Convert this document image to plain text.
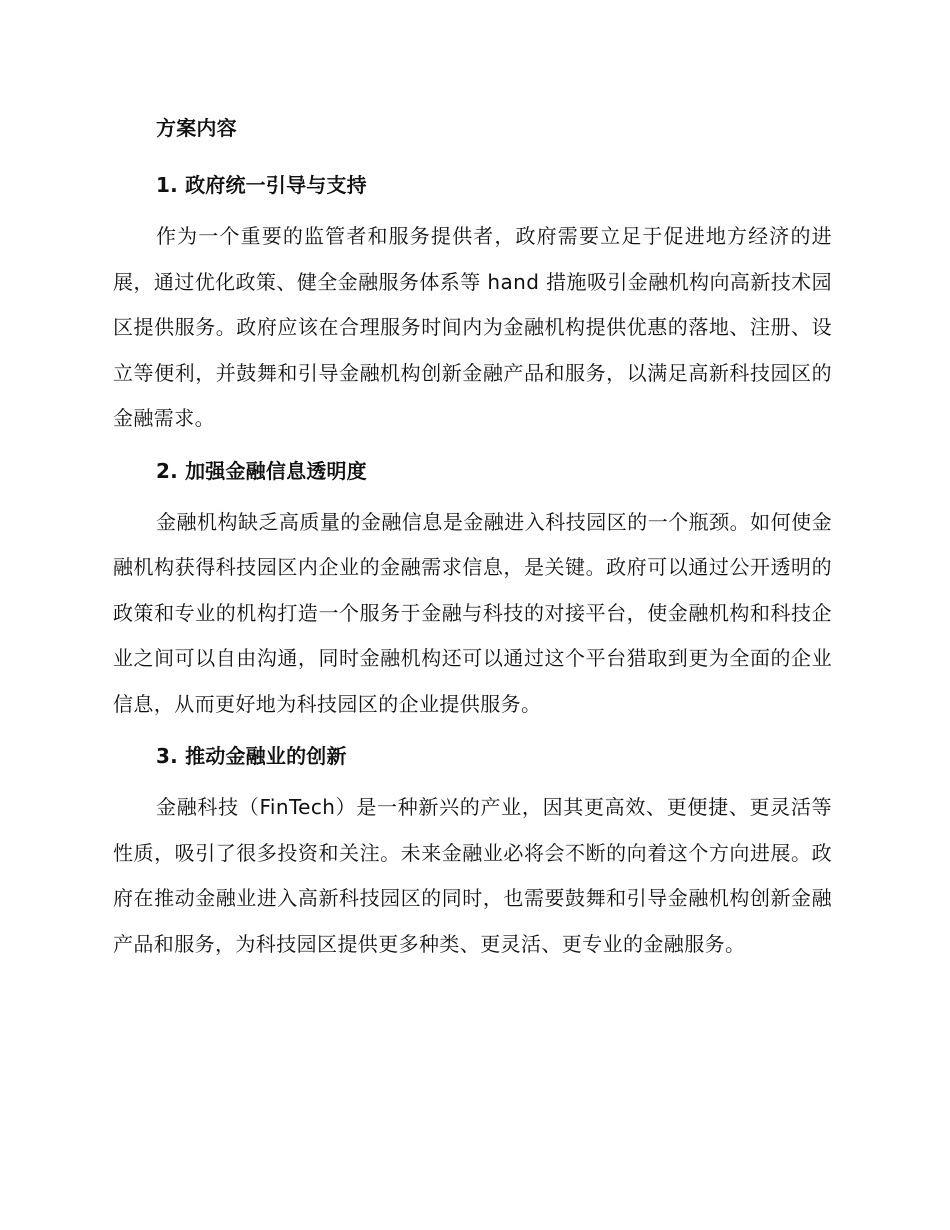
方案内容
1. 政府统一引导与支持

作为一个重要的监管者和服务提供者，政府需要立足于促进地方经济的进展，通过优化政策、健全金融服务体系等 hand 措施吸引金融机构向高新技术园区提供服务。政府应该在合理服务时间内为金融机构提供优惠的落地、注册、设立等便利，并鼓舞和引导金融机构创新金融产品和服务，以满足高新科技园区的金融需求。

2. 加强金融信息透明度

金融机构缺乏高质量的金融信息是金融进入科技园区的一个瓶颈。如何使金融机构获得科技园区内企业的金融需求信息，是关键。政府可以通过公开透明的政策和专业的机构打造一个服务于金融与科技的对接平台，使金融机构和科技企业之间可以自由沟通，同时金融机构还可以通过这个平台猎取到更为全面的企业信息，从而更好地为科技园区的企业提供服务。

3. 推动金融业的创新

金融科技（FinTech）是一种新兴的产业，因其更高效、更便捷、更灵活等性质，吸引了很多投资和关注。未来金融业必将会不断的向着这个方向进展。政府在推动金融业进入高新科技园区的同时，也需要鼓舞和引导金融机构创新金融产品和服务，为科技园区提供更多种类、更灵活、更专业的金融服务。
